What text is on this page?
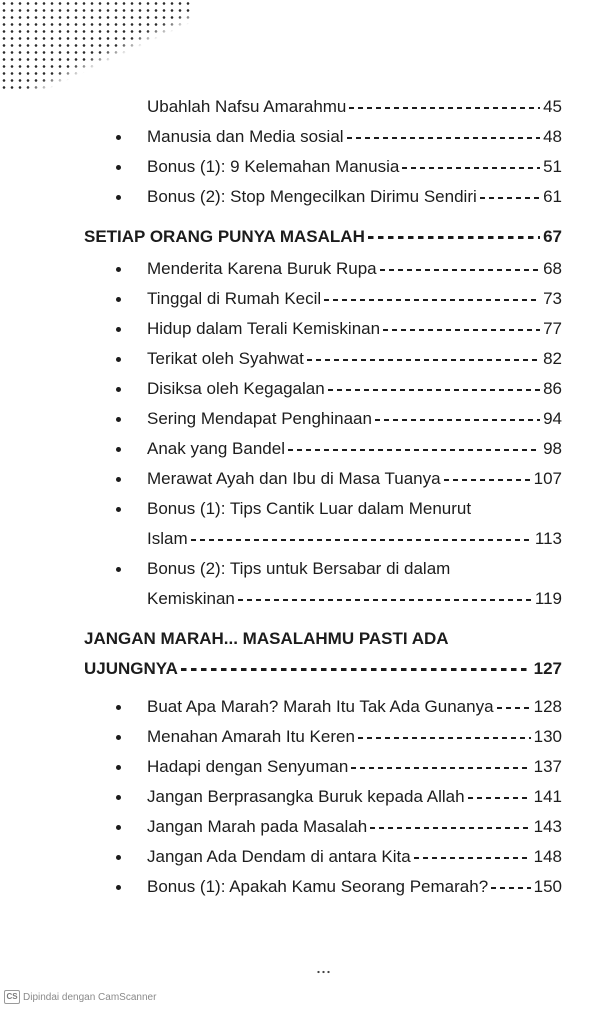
Ubahlah Nafsu Amarahmu	45
Manusia dan Media sosial	48
Bonus (1): 9 Kelemahan Manusia	51
Bonus (2): Stop Mengecilkan Dirimu Sendiri	61
SETIAP ORANG PUNYA MASALAH	67
Menderita Karena Buruk Rupa	68
Tinggal di Rumah Kecil	73
Hidup dalam Terali Kemiskinan	77
Terikat oleh Syahwat	82
Disiksa oleh Kegagalan	86
Sering Mendapat Penghinaan	94
Anak yang Bandel	98
Merawat Ayah dan Ibu di Masa Tuanya	107
Bonus (1): Tips Cantik Luar dalam Menurut
Islam	113
Bonus (2): Tips untuk Bersabar di dalam
Kemiskinan	119
JANGAN MARAH... MASALAHMU PASTI ADA
UJUNGNYA	127
Buat Apa Marah? Marah Itu Tak Ada Gunanya 128
Menahan Amarah Itu Keren	130
Hadapi dengan Senyuman	137
Jangan Berprasangka Buruk kepada Allah	141
Jangan Marah pada Masalah	143
Jangan Ada Dendam di antara Kita	148
Bonus (1): Apakah Kamu Seorang Pemarah?	150
CS Dipindai dengan CamScanner
